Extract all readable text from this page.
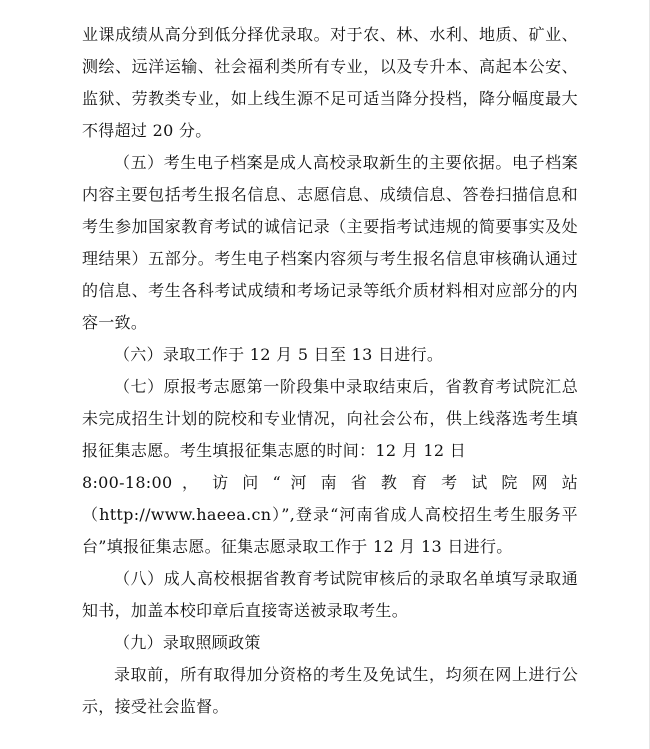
业课成绩从高分到低分择优录取。对于农、林、水利、地质、矿业、测绘、远洋运输、社会福利类所有专业，以及专升本、高起本公安、监狱、劳教类专业，如上线生源不足可适当降分投档，降分幅度最大不得超过 20 分。

（五）考生电子档案是成人高校录取新生的主要依据。电子档案内容主要包括考生报名信息、志愿信息、成绩信息、答卷扫描信息和考生参加国家教育考试的诚信记录（主要指考试违规的简要事实及处理结果）五部分。考生电子档案内容须与考生报名信息审核确认通过的信息、考生各科考试成绩和考场记录等纸介质材料相对应部分的内容一致。

（六）录取工作于 12 月 5 日至 13 日进行。

（七）原报考志愿第一阶段集中录取结束后，省教育考试院汇总未完成招生计划的院校和专业情况，向社会公布，供上线落选考生填报征集志愿。考生填报征集志愿的时间：12 月 12 日

8:00-18:00 ， 访 问 “ 河 南 省 教 育 考 试 院 网 站

（http://www.haeea.cn）”,登录“河南省成人高校招生考生服务平台”填报征集志愿。征集志愿录取工作于 12 月 13 日进行。

（八）成人高校根据省教育考试院审核后的录取名单填写录取通知书，加盖本校印章后直接寄送被录取考生。

（九）录取照顾政策

录取前，所有取得加分资格的考生及免试生，均须在网上进行公示，接受社会监督。
